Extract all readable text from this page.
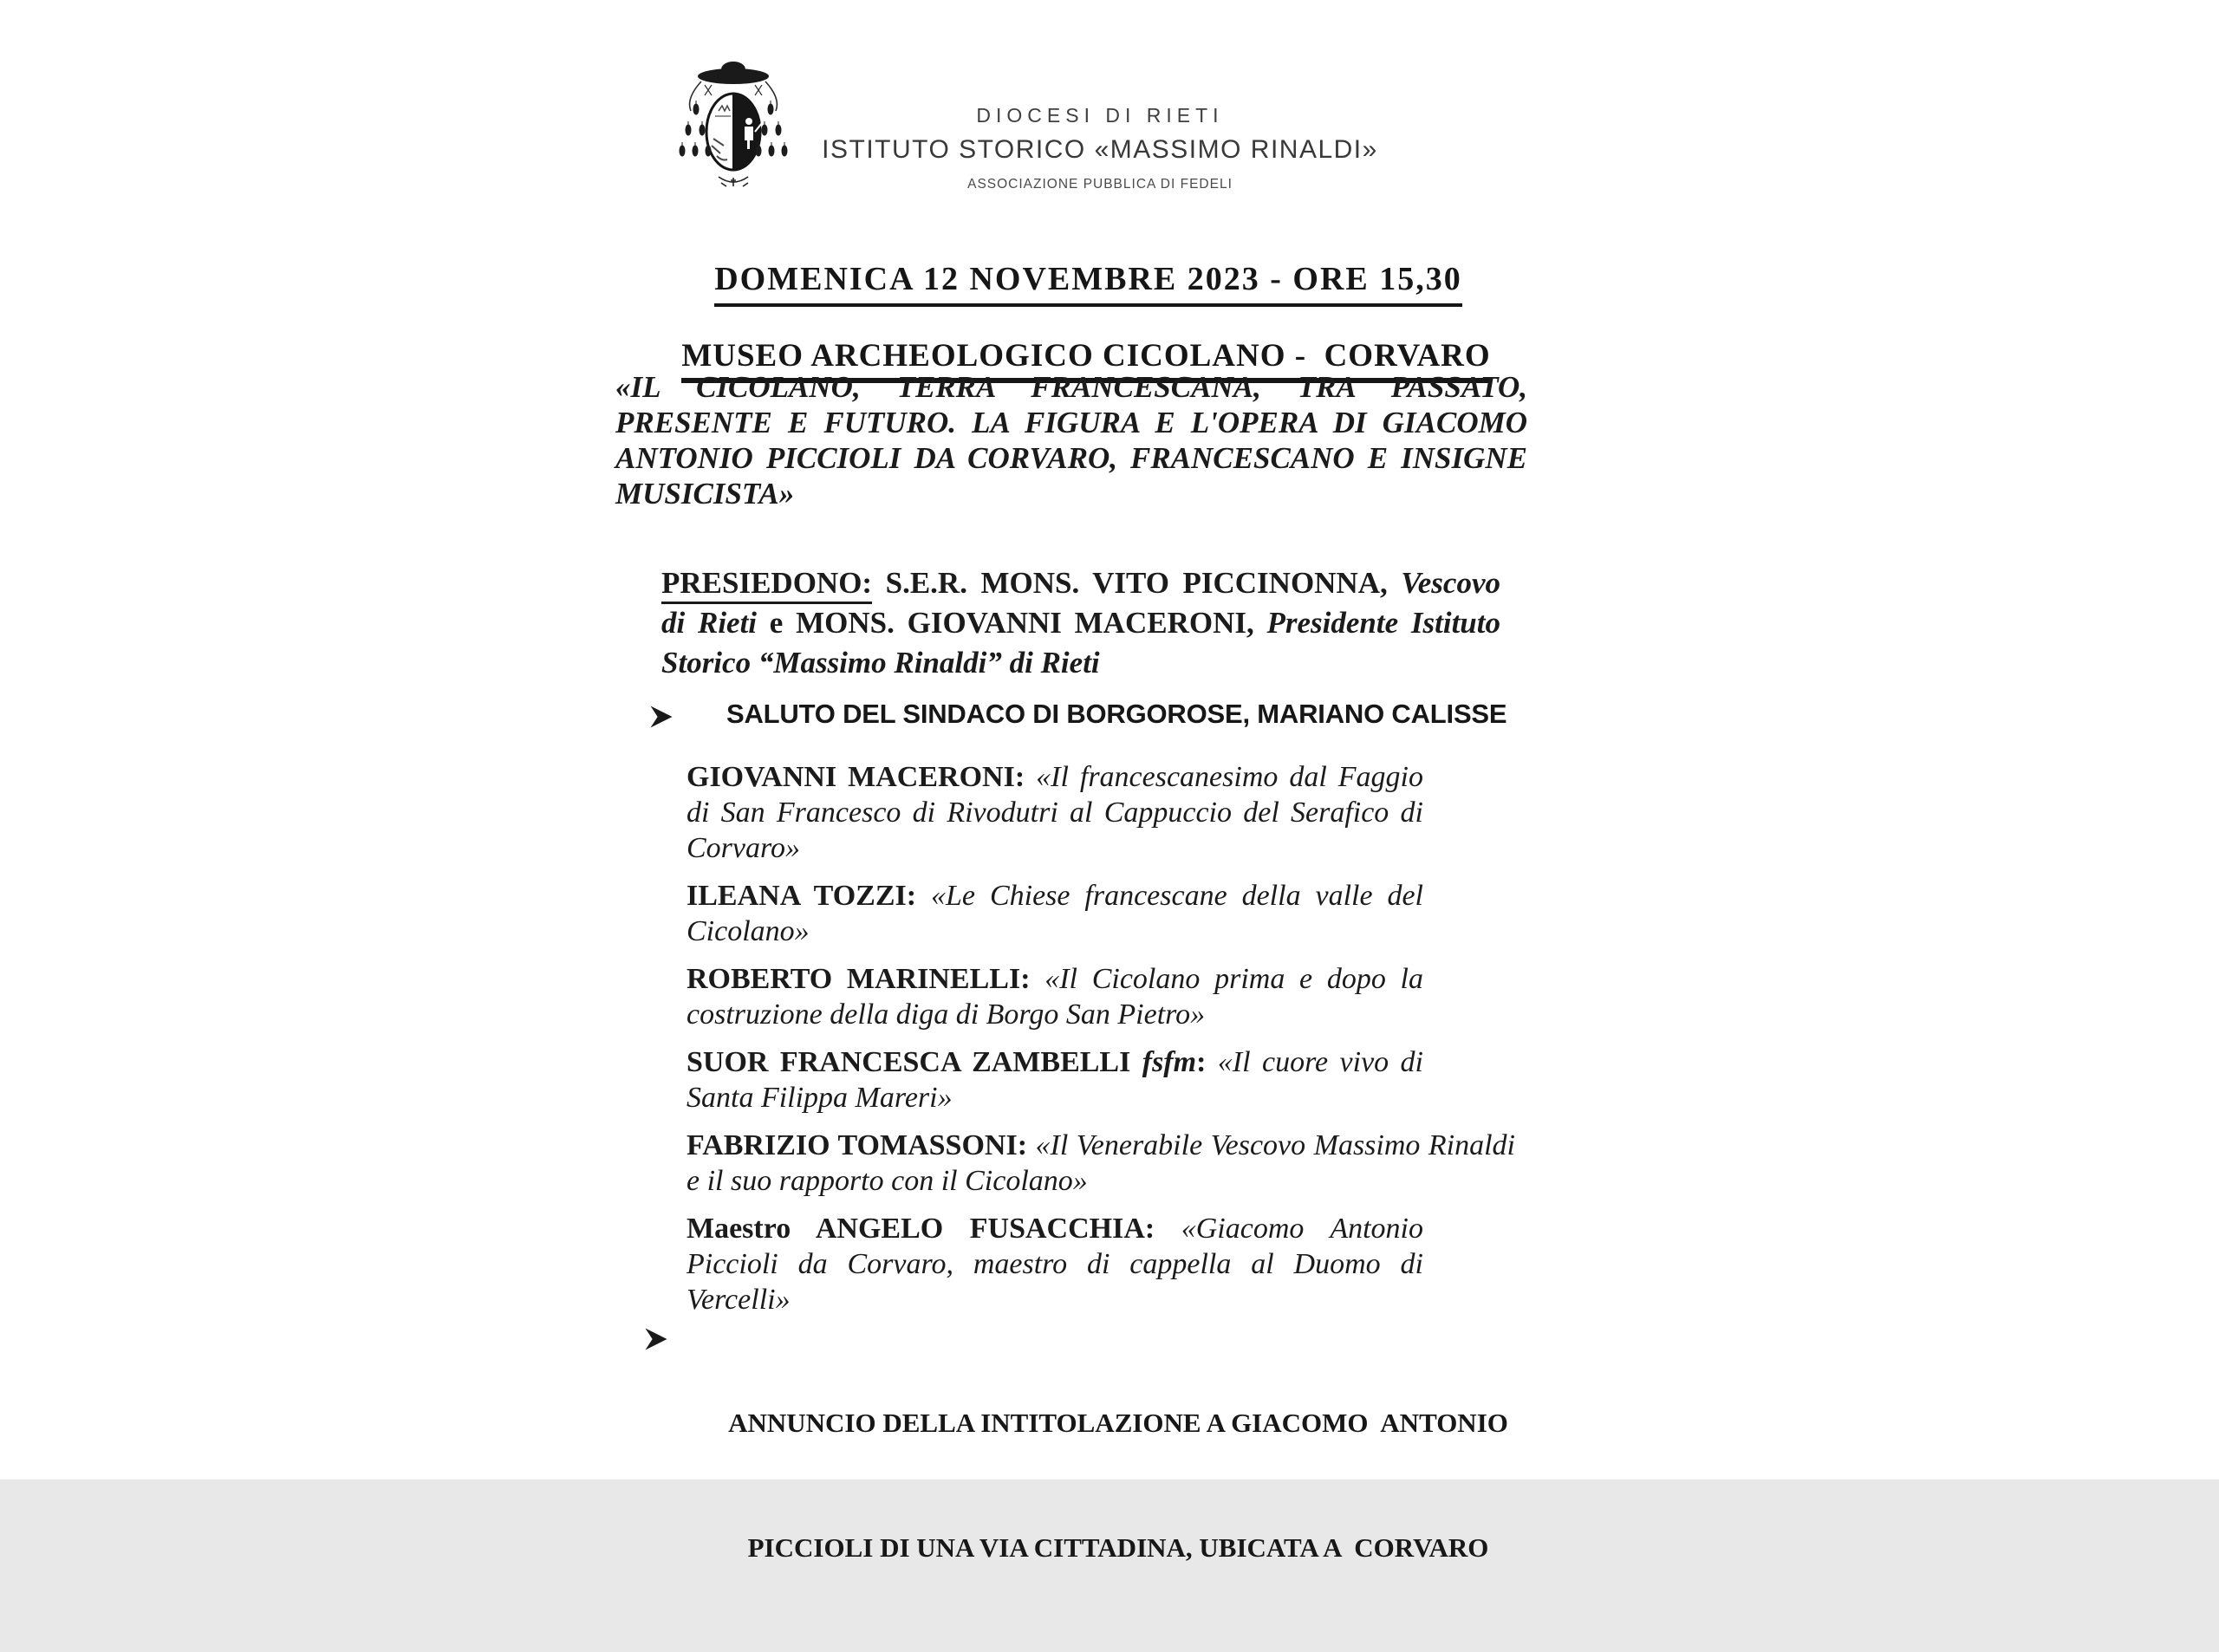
DIOCESI DI RIETI
ISTITUTO STORICO «MASSIMO RINALDI»
ASSOCIAZIONE PUBBLICA DI FEDELI

DOMENICA 12 NOVEMBRE 2023 - ORE 15,30

MUSEO ARCHEOLOGICO CICOLANO -  CORVARO

«IL CICOLANO, TERRA FRANCESCANA, TRA PASSATO, PRESENTE E FUTURO. LA FIGURA E L'OPERA DI GIACOMO ANTONIO PICCIOLI DA CORVARO, FRANCESCANO E INSIGNE MUSICISTA»
PRESIEDONO: S.E.R. MONS. VITO PICCINONNA, Vescovo di Rieti e MONS. GIOVANNI MACERONI, Presidente Istituto Storico “Massimo Rinaldi” di Rieti
SALUTO DEL SINDACO DI BORGOROSE, MARIANO CALISSE

GIOVANNI MACERONI: «Il francescanesimo dal Faggio di San Francesco di Rivodutri al Cappuccio del Serafico di Corvaro»

ILEANA TOZZI: «Le Chiese francescane della valle del Cicolano»

ROBERTO MARINELLI: «Il Cicolano prima e dopo la costruzione della diga di Borgo San Pietro»

SUOR FRANCESCA ZAMBELLI fsfm: «Il cuore vivo di Santa Filippa Mareri»

FABRIZIO TOMASSONI: «Il Venerabile Vescovo Massimo Rinaldi e il suo rapporto con il Cicolano»

Maestro ANGELO FUSACCHIA: «Giacomo Antonio Piccioli da Corvaro, maestro di cappella al Duomo di Vercelli»

ANNUNCIO DELLA INTITOLAZIONE A GIACOMO  ANTONIO

PICCIOLI DI UNA VIA CITTADINA, UBICATA A  CORVARO
